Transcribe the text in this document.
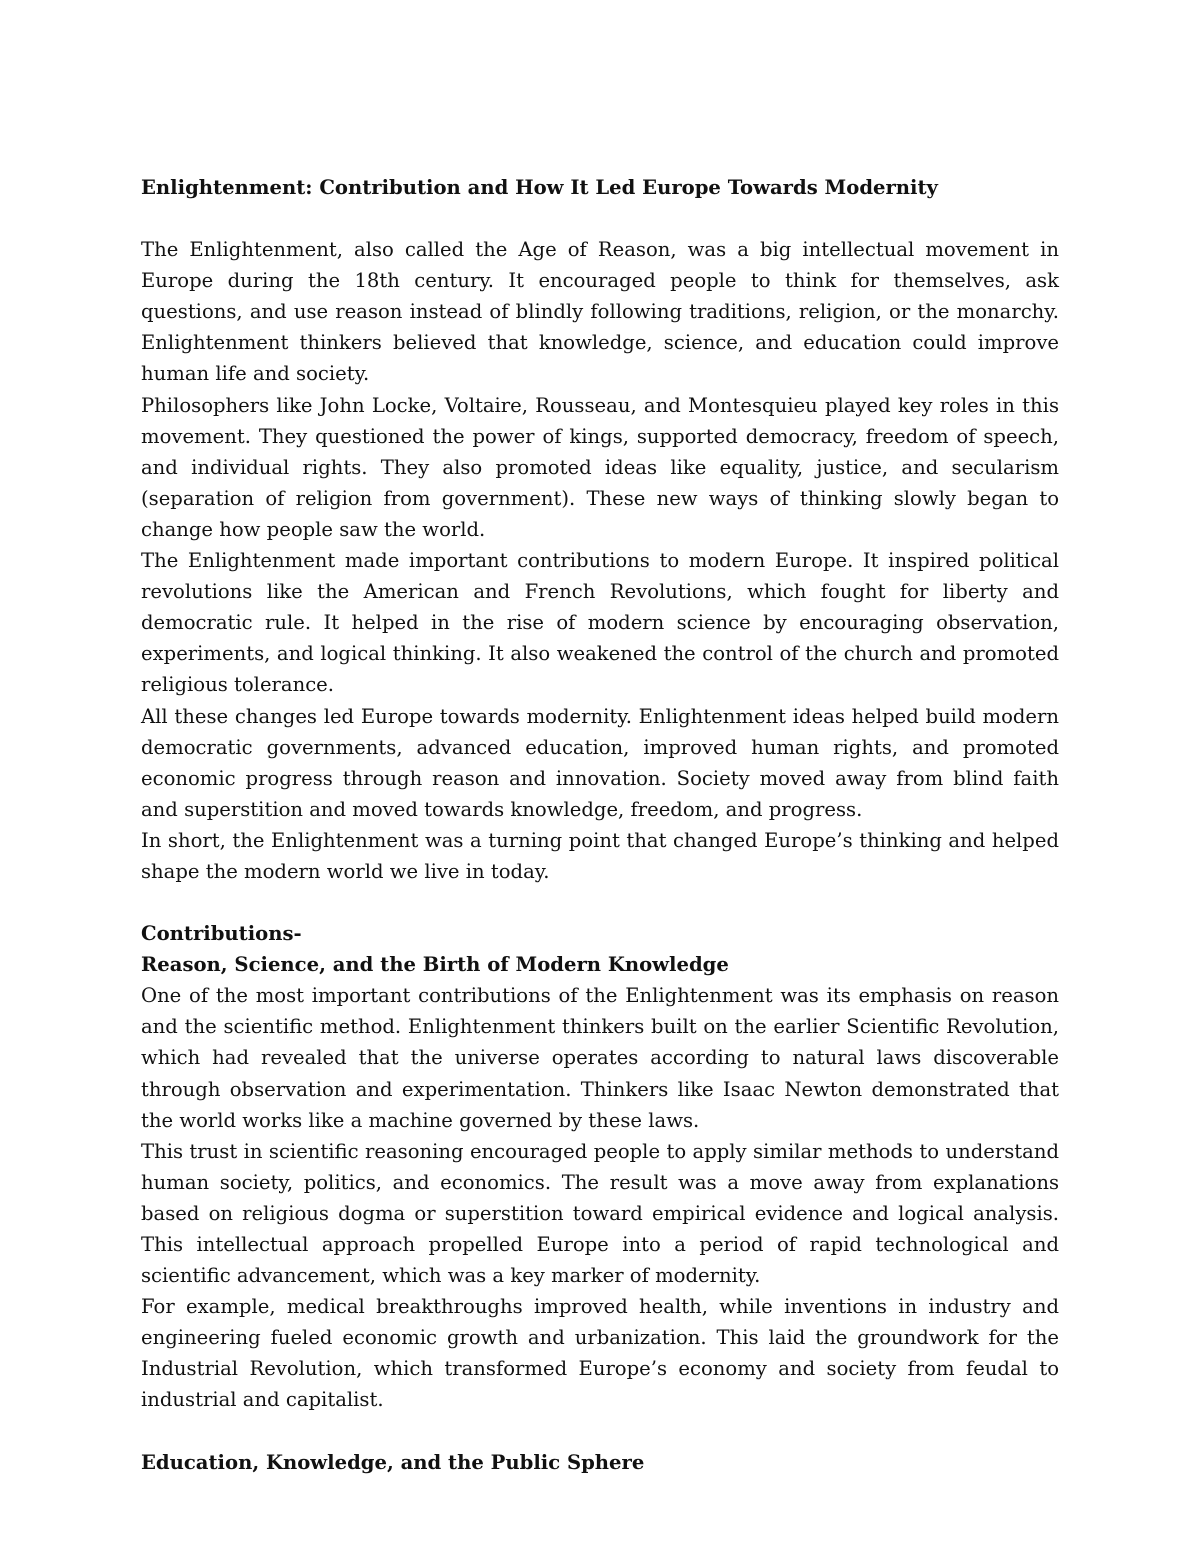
Enlightenment: Contribution and How It Led Europe Towards Modernity

The Enlightenment, also called the Age of Reason, was a big intellectual movement in Europe during the 18th century. It encouraged people to think for themselves, ask questions, and use reason instead of blindly following traditions, religion, or the monarchy. Enlightenment thinkers believed that knowledge, science, and education could improve human life and society.

Philosophers like John Locke, Voltaire, Rousseau, and Montesquieu played key roles in this movement. They questioned the power of kings, supported democracy, freedom of speech, and individual rights. They also promoted ideas like equality, justice, and secularism (separation of religion from government). These new ways of thinking slowly began to change how people saw the world.

The Enlightenment made important contributions to modern Europe. It inspired political revolutions like the American and French Revolutions, which fought for liberty and democratic rule. It helped in the rise of modern science by encouraging observation, experiments, and logical thinking. It also weakened the control of the church and promoted religious tolerance.

All these changes led Europe towards modernity. Enlightenment ideas helped build modern democratic governments, advanced education, improved human rights, and promoted economic progress through reason and innovation. Society moved away from blind faith and superstition and moved towards knowledge, freedom, and progress.

In short, the Enlightenment was a turning point that changed Europe’s thinking and helped shape the modern world we live in today.

Contributions-

Reason, Science, and the Birth of Modern Knowledge

One of the most important contributions of the Enlightenment was its emphasis on reason and the scientific method. Enlightenment thinkers built on the earlier Scientific Revolution, which had revealed that the universe operates according to natural laws discoverable through observation and experimentation. Thinkers like Isaac Newton demonstrated that the world works like a machine governed by these laws.

This trust in scientific reasoning encouraged people to apply similar methods to understand human society, politics, and economics. The result was a move away from explanations based on religious dogma or superstition toward empirical evidence and logical analysis. This intellectual approach propelled Europe into a period of rapid technological and scientific advancement, which was a key marker of modernity.

For example, medical breakthroughs improved health, while inventions in industry and engineering fueled economic growth and urbanization. This laid the groundwork for the Industrial Revolution, which transformed Europe’s economy and society from feudal to industrial and capitalist.

Education, Knowledge, and the Public Sphere
